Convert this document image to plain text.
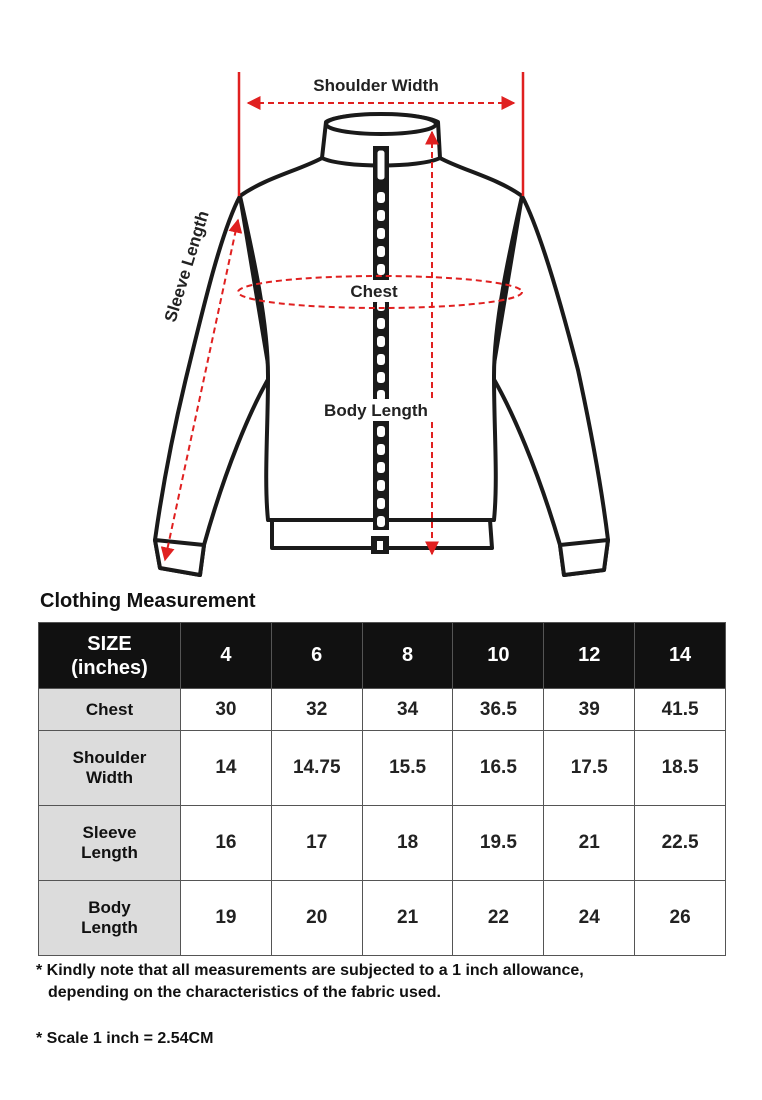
Shoulder Width
Chest
Body Length
Sleeve Length
Clothing Measurement
SIZE
(inches)	4	6	8	10	12	14
Chest	30	32	34	36.5	39	41.5
Shoulder
Width	14	14.75	15.5	16.5	17.5	18.5
Sleeve
Length	16	17	18	19.5	21	22.5
Body
Length	19	20	21	22	24	26

* Kindly note that all measurements are subjected to a 1 inch allowance,
depending on the characteristics of the fabric used.

* Scale 1 inch = 2.54CM
